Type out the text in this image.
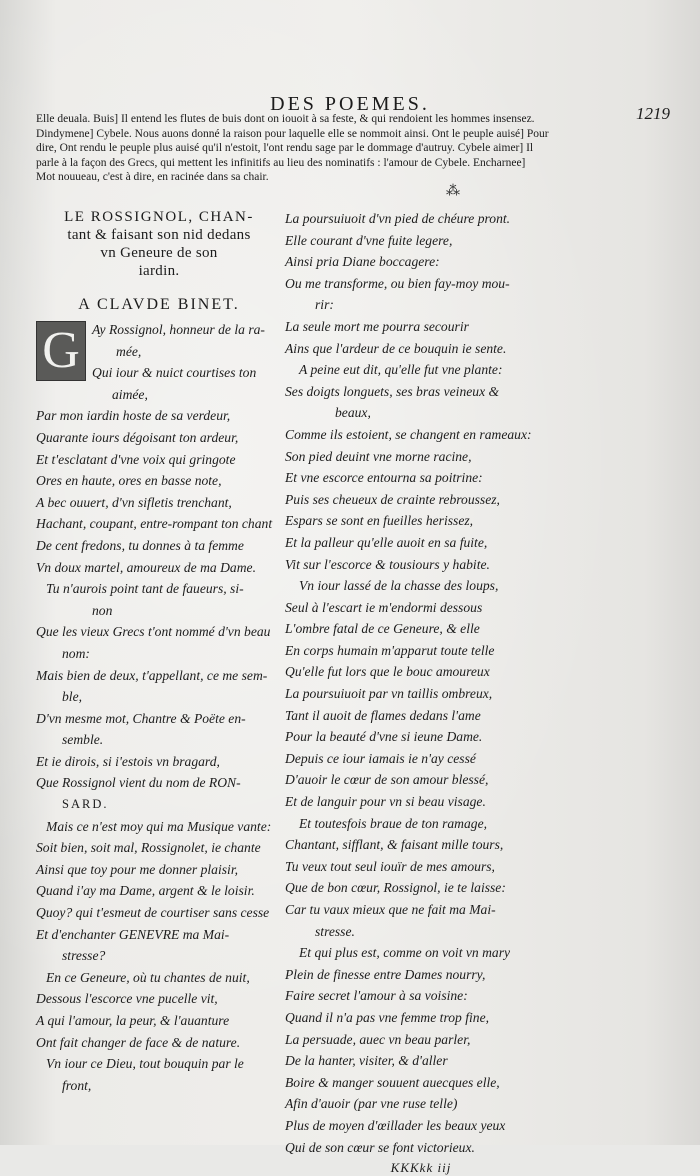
DES POEMES.	1219

Elle deuala. Buis] Il entend les flutes de buis dont on iouoit à sa feste, & qui rendoient les hommes insensez.

Dindymene] Cybele. Nous auons donné la raison pour laquelle elle se nommoit ainsi. Ont le peuple auisé] Pour

dire, Ont rendu le peuple plus auisé qu'il n'estoit, l'ont rendu sage par le dommage d'autruy. Cybele aimer] Il

parle à la façon des Grecs, qui mettent les infinitifs au lieu des nominatifs : l'amour de Cybele. Encharnee]

Mot nouueau, c'est à dire, en racinée dans sa chair.

⁂
LE ROSSIGNOL, CHAN-
tant & faisant son nid dedans
vn Geneure de son
iardin.
A CLAVDE BINET.
G Ay Rossignol, honneur de la ra-
mée,
Qui iour & nuict courtises ton
aimée,
Par mon iardin hoste de sa verdeur,
Quarante iours dégoisant ton ardeur,
Et t'esclatant d'vne voix qui gringote
Ores en haute, ores en basse note,
A bec ouuert, d'vn sifletis trenchant,
Hachant, coupant, entre-rompant ton chant
De cent fredons, tu donnes à ta femme
Vn doux martel, amoureux de ma Dame.
Tu n'aurois point tant de faueurs, si-
non
Que les vieux Grecs t'ont nommé d'vn beau
nom:
Mais bien de deux, t'appellant, ce me sem-
ble,
D'vn mesme mot, Chantre & Poëte en-
semble.
Et ie dirois, si i'estois vn bragard,
Que Rossignol vient du nom de RON-
SARD.
Mais ce n'est moy qui ma Musique vante:
Soit bien, soit mal, Rossignolet, ie chante
Ainsi que toy pour me donner plaisir,
Quand i'ay ma Dame, argent & le loisir.
Quoy? qui t'esmeut de courtiser sans cesse
Et d'enchanter GENEVRE ma Mai-
stresse?
En ce Geneure, où tu chantes de nuit,
Dessous l'escorce vne pucelle vit,
A qui l'amour, la peur, & l'auanture
Ont fait changer de face & de nature.
Vn iour ce Dieu, tout bouquin par le
front,
La poursuiuoit d'vn pied de chéure pront.
Elle courant d'vne fuite legere,
Ainsi pria Diane boccagere:
Ou me transforme, ou bien fay-moy mou-
rir:
La seule mort me pourra secourir
Ains que l'ardeur de ce bouquin ie sente.
A peine eut dit, qu'elle fut vne plante:
Ses doigts longuets, ses bras veineux &
beaux,
Comme ils estoient, se changent en rameaux:
Son pied deuint vne morne racine,
Et vne escorce entourna sa poitrine:
Puis ses cheueux de crainte rebroussez,
Espars se sont en fueilles herissez,
Et la palleur qu'elle auoit en sa fuite,
Vit sur l'escorce & tousiours y habite.
Vn iour lassé de la chasse des loups,
Seul à l'escart ie m'endormi dessous
L'ombre fatal de ce Geneure, & elle
En corps humain m'apparut toute telle
Qu'elle fut lors que le bouc amoureux
La poursuiuoit par vn taillis ombreux,
Tant il auoit de flames dedans l'ame
Pour la beauté d'vne si ieune Dame.
Depuis ce iour iamais ie n'ay cessé
D'auoir le cœur de son amour blessé,
Et de languir pour vn si beau visage.
Et toutesfois braue de ton ramage,
Chantant, sifflant, & faisant mille tours,
Tu veux tout seul iouïr de mes amours,
Que de bon cœur, Rossignol, ie te laisse:
Car tu vaux mieux que ne fait ma Mai-
stresse.
Et qui plus est, comme on voit vn mary
Plein de finesse entre Dames nourry,
Faire secret l'amour à sa voisine:
Quand il n'a pas vne femme trop fine,
La persuade, auec vn beau parler,
De la hanter, visiter, & d'aller
Boire & manger souuent auecques elle,
Afin d'auoir (par vne ruse telle)
Plus de moyen d'œillader les beaux yeux
Qui de son cœur se font victorieux.
KKKkk iij
